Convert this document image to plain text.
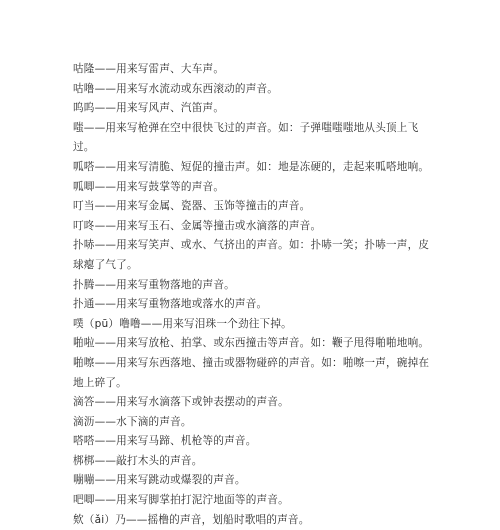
咕隆——用来写雷声、大车声。
咕噜——用来写水流动或东西滚动的声音。
呜呜——用来写风声、汽笛声。
嗤——用来写枪弹在空中很快飞过的声音。如：子弹嗤嗤嗤地从头顶上飞过。
呱嗒——用来写清脆、短促的撞击声。如：地是冻硬的，走起来呱嗒地响。
呱唧——用来写鼓掌等的声音。
叮当——用来写金属、瓷器、玉饰等撞击的声音。
叮咚——用来写玉石、金属等撞击或水滴落的声音。
扑哧——用来写笑声、或水、气挤出的声音。如：扑哧一笑；扑哧一声，皮球瘪了气了。
扑腾——用来写重物落地的声音。
扑通——用来写重物落地或落水的声音。
噗（pū）噜噜——用来写泪珠一个劲往下掉。
啪啦——用来写放枪、拍掌、或东西撞击等声音。如：鞭子甩得啪啪地响。
啪嚓——用来写东西落地、撞击或器物碰碎的声音。如：啪嚓一声，碗掉在地上碎了。
滴答——用来写水滴落下或钟表摆动的声音。
滴沥——水下滴的声音。
嗒嗒——用来写马蹄、机枪等的声音。
梆梆——敲打木头的声音。
嘣嘣——用来写跳动或爆裂的声音。
吧唧——用来写脚掌拍打泥泞地面等的声音。
欸（ǎi）乃——摇橹的声音，划船时歌唱的声音。
